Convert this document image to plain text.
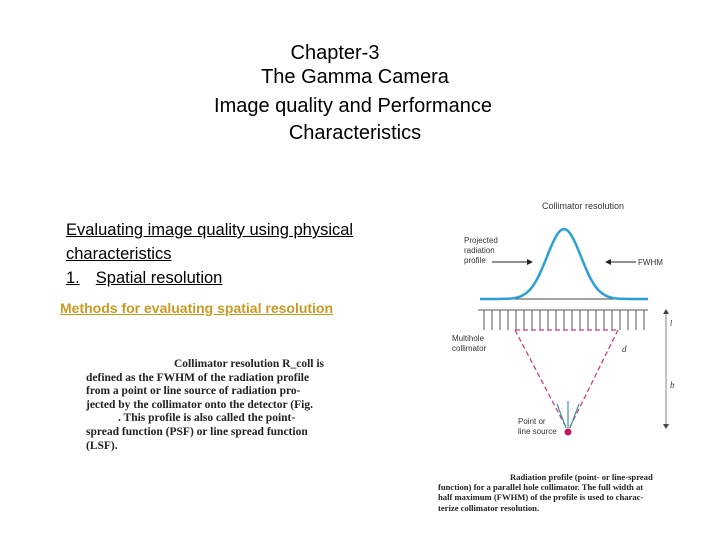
Chapter-3
The Gamma Camera
Image quality and Performance
Characteristics
Evaluating image quality using physical
characteristics
1. Spatial resolution
Methods for evaluating spatial resolution
Collimator resolution R_coll is
defined as the FWHM of the radiation profile
from a point or line source of radiation pro-
jected by the collimator onto the detector (Fig.
. This profile is also called the point-
spread function (PSF) or line spread function
(LSF).
Collimator resolution
Projected
radiation
profile	FWHM
Multihole
collimator
l
b
d
Point or
line source
Radiation profile (point- or line-spread
function) for a parallel hole collimator. The full width at
half maximum (FWHM) of the profile is used to charac-
terize collimator resolution.
